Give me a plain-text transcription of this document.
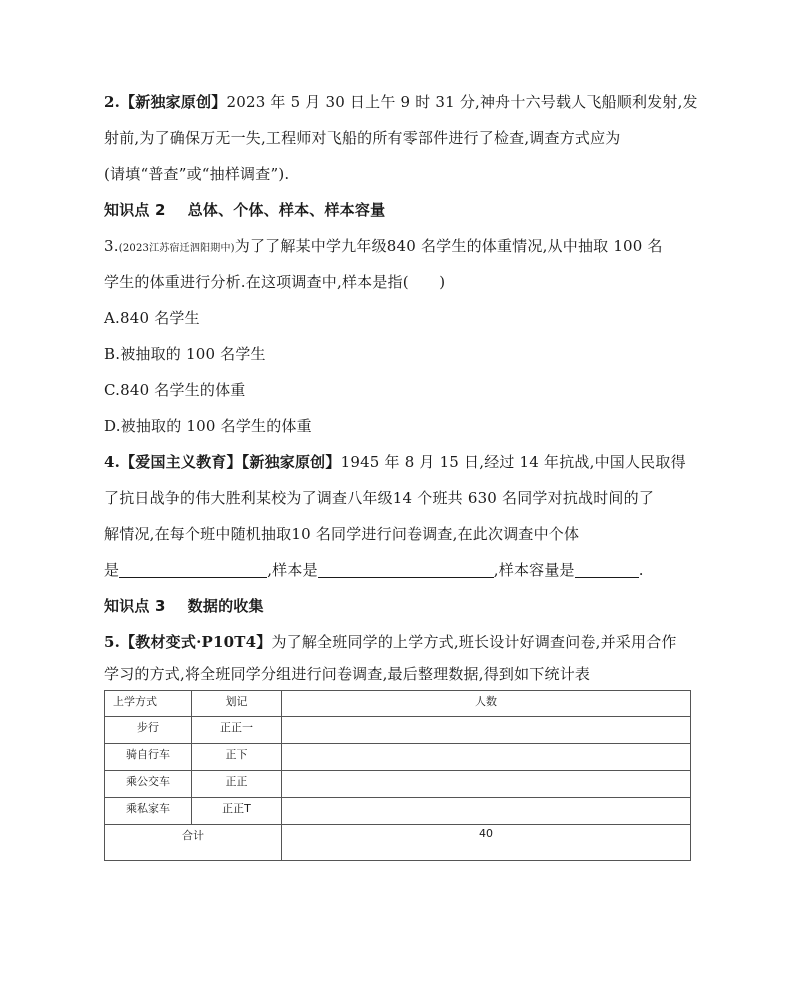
2.【新独家原创】2023 年 5 月 30 日上午 9 时 31 分,神舟十六号载人飞船顺利发射,发
射前,为了确保万无一失,工程师对飞船的所有零部件进行了检查,调查方式应为
(请填“普查”或“抽样调查”).
知识点 2 总体、个体、样本、样本容量
3.(2023江苏宿迁泗阳期中)为了了解某中学九年级840 名学生的体重情况,从中抽取 100 名
学生的体重进行分析.在这项调查中,样本是指(　　)
A.840 名学生
B.被抽取的 100 名学生
C.840 名学生的体重
D.被抽取的 100 名学生的体重
4.【爱国主义教育】【新独家原创】1945 年 8 月 15 日,经过 14 年抗战,中国人民取得
了抗日战争的伟大胜利某校为了调查八年级14 个班共 630 名同学对抗战时间的了
解情况,在每个班中随机抽取10 名同学进行问卷调查,在此次调查中个体
是	,样本是	,样本容量是	.
知识点 3 数据的收集
5.【教材变式·P10T4】为了解全班同学的上学方式,班长设计好调查问卷,并采用合作
学习的方式,将全班同学分组进行问卷调查,最后整理数据,得到如下统计表
上学方式	划记	人数
步行	正正一	
骑自行车	正下	
乘公交车	正正	
乘私家车	正正T	
合计		40
